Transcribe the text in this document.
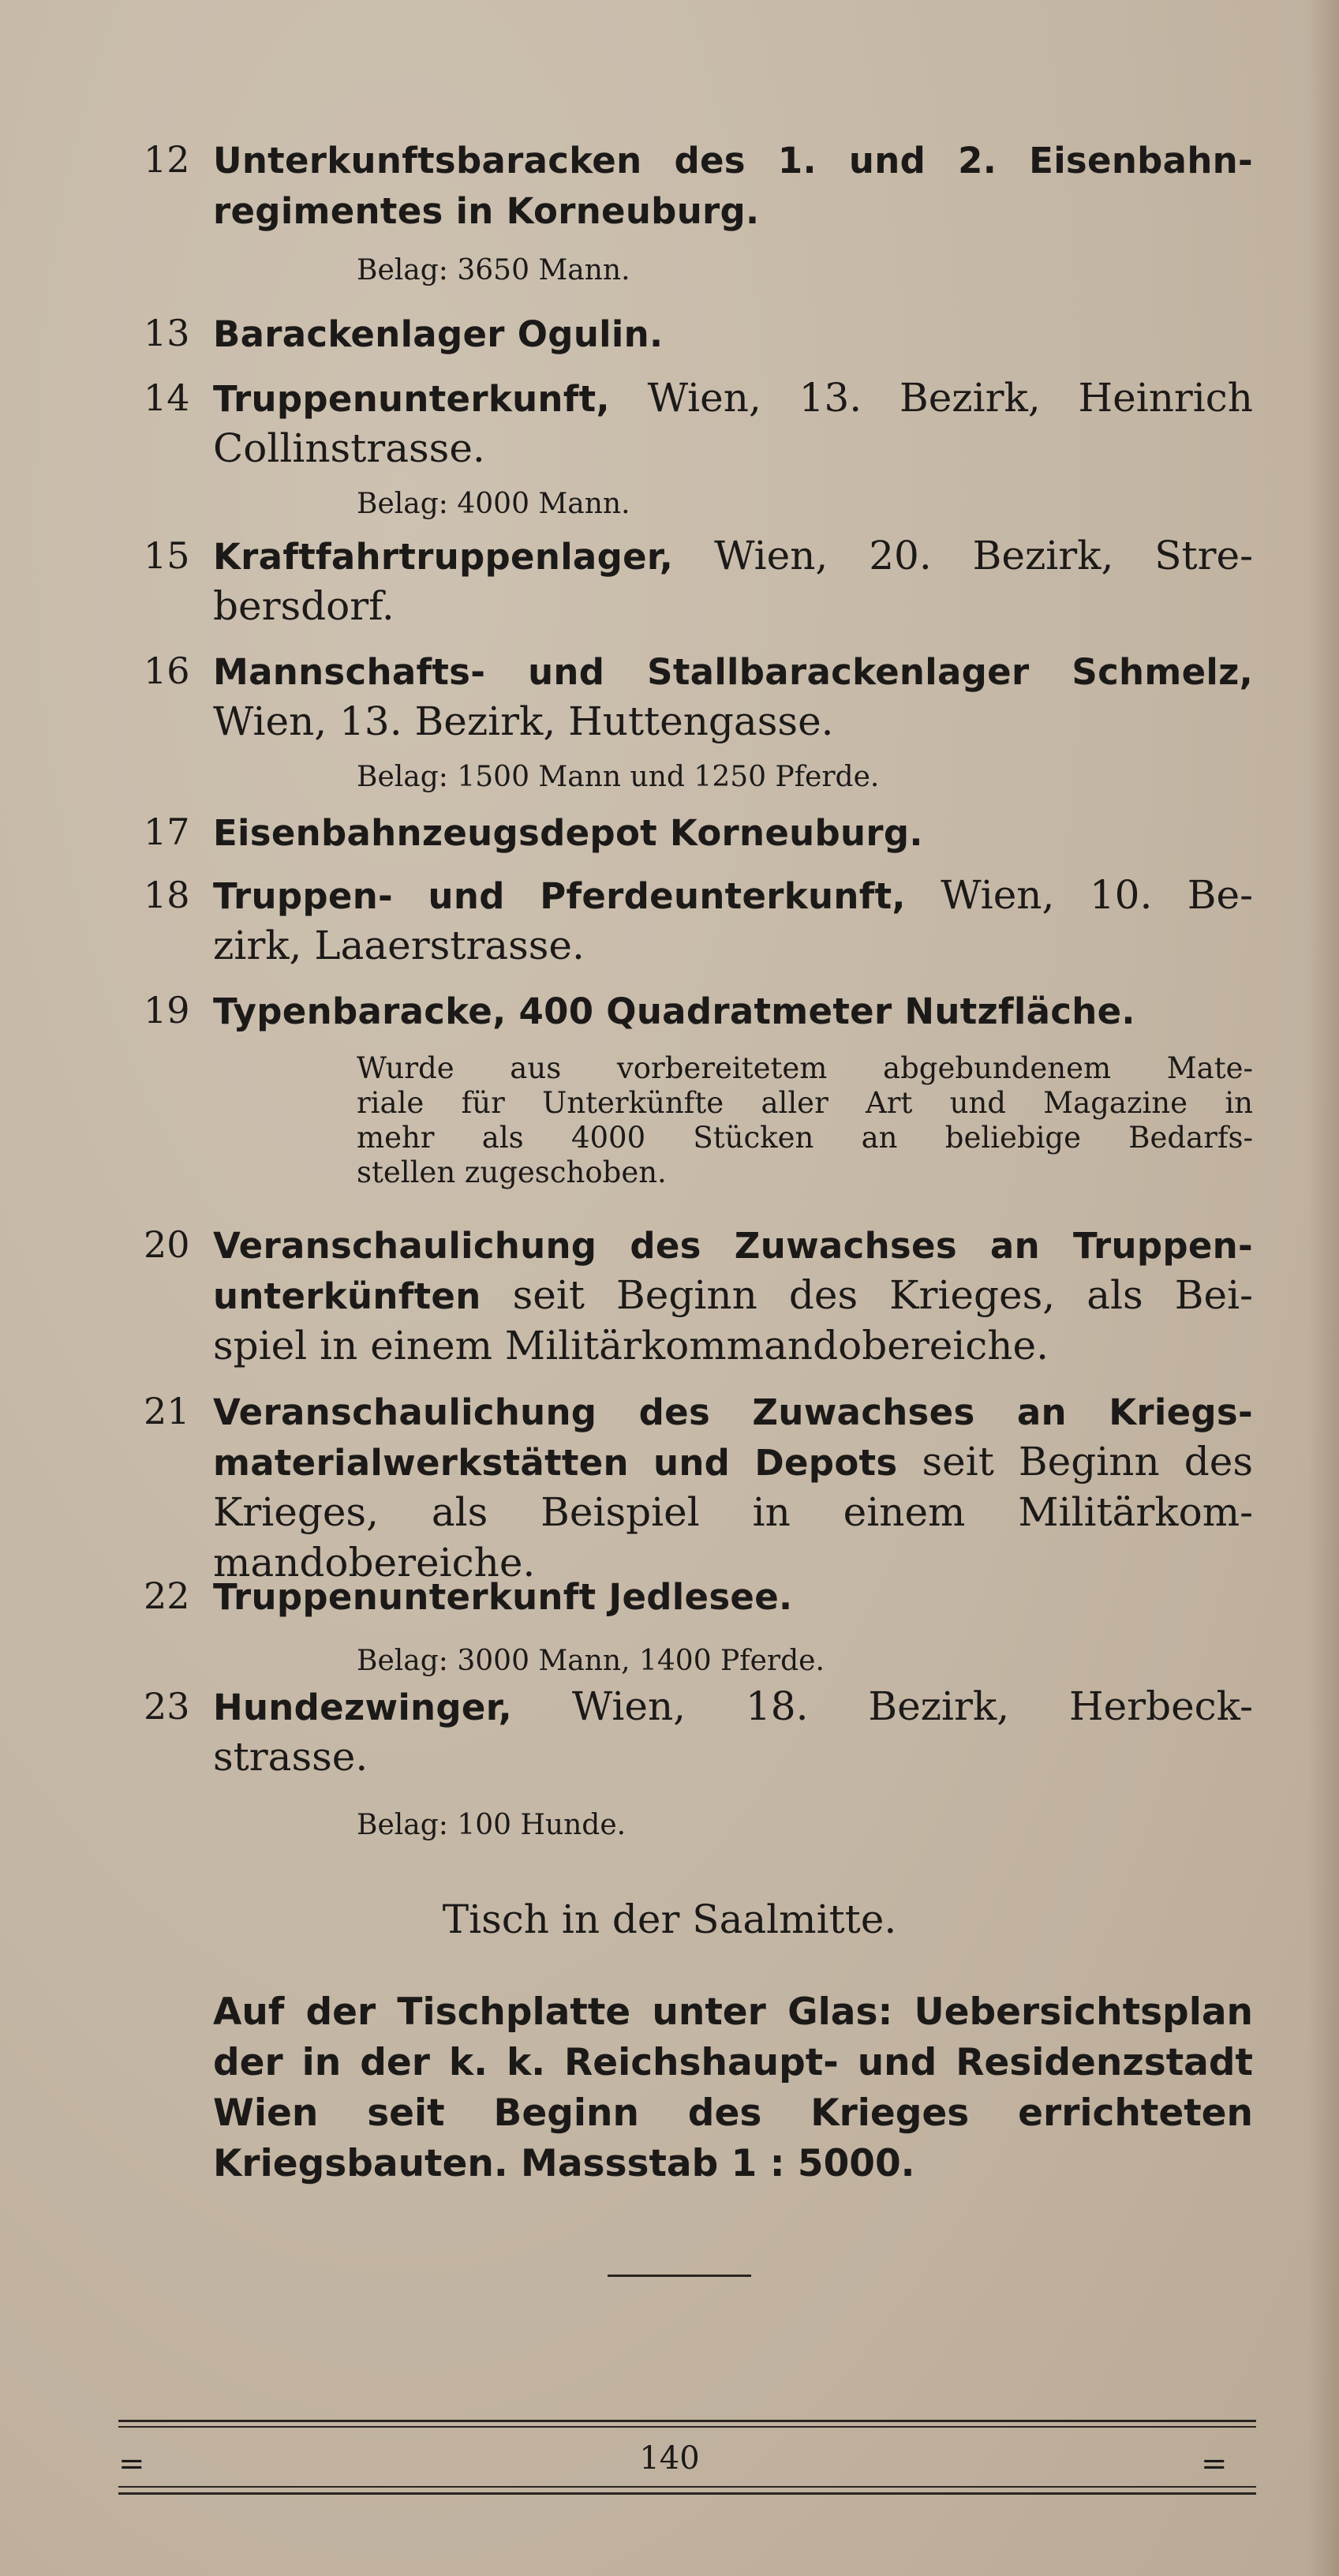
12 Unterkunftsbaracken des 1. und 2. Eisenbahn-
regimentes in Korneuburg.
Belag: 3650 Mann.
13 Barackenlager Ogulin.
14 Truppenunterkunft, Wien, 13. Bezirk, Heinrich
Collinstrasse.
Belag: 4000 Mann.
15 Kraftfahrtruppenlager, Wien, 20. Bezirk, Stre-
bersdorf.
16 Mannschafts- und Stallbarackenlager Schmelz,
Wien, 13. Bezirk, Huttengasse.
Belag: 1500 Mann und 1250 Pferde.
17 Eisenbahnzeugsdepot Korneuburg.
18 Truppen- und Pferdeunterkunft, Wien, 10. Be-
zirk, Laaerstrasse.
19 Typenbaracke, 400 Quadratmeter Nutzfläche.
Wurde aus vorbereitetem abgebundenem Mate-
riale für Unterkünfte aller Art und Magazine in
mehr als 4000 Stücken an beliebige Bedarfs-
stellen zugeschoben.
20 Veranschaulichung des Zuwachses an Truppen-
unterkünften seit Beginn des Krieges, als Bei-
spiel in einem Militärkommandobereiche.
21 Veranschaulichung des Zuwachses an Kriegs-
materialwerkstätten und Depots seit Beginn des
Krieges, als Beispiel in einem Militärkom-
mandobereiche.
22 Truppenunterkunft Jedlesee.
Belag: 3000 Mann, 1400 Pferde.
23 Hundezwinger, Wien, 18. Bezirk, Herbeck-
strasse.
Belag: 100 Hunde.
Tisch in der Saalmitte.
Auf der Tischplatte unter Glas: Uebersichtsplan
der in der k. k. Reichshaupt- und Residenzstadt
Wien seit Beginn des Krieges errichteten
Kriegsbauten. Massstab 1 : 5000.
=	140	=
